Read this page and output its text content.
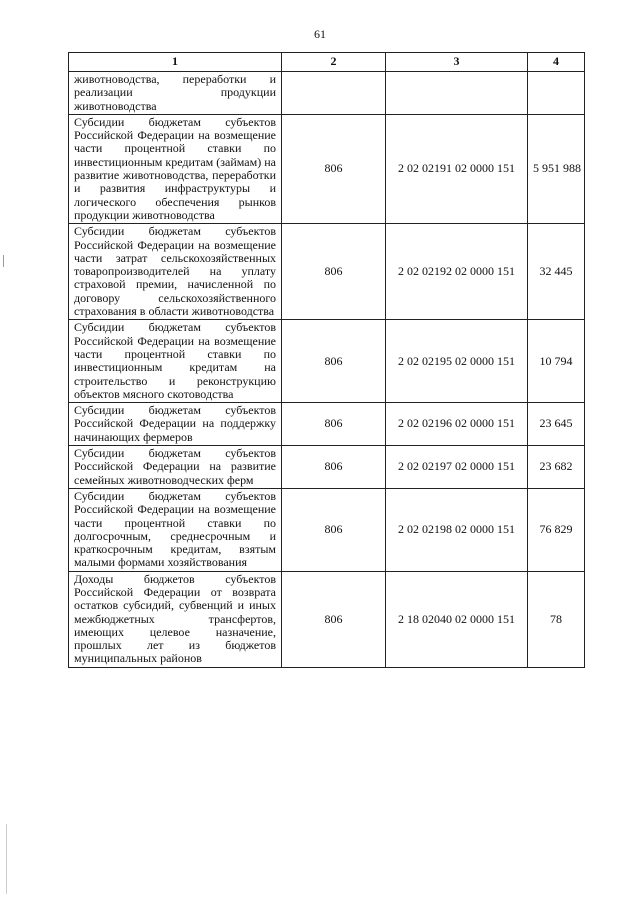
61
1	2	3	4
животноводства, переработки и реализации продукции животноводства			
Субсидии бюджетам субъектов Российской Федерации на возмещение части процентной ставки по инвестиционным кредитам (займам) на развитие животноводства, переработки и развития инфраструктуры и логического обеспечения рынков продукции животноводства	806	2 02 02191 02 0000 151	5 951 988
Субсидии бюджетам субъектов Российской Федерации на возмещение части затрат сельскохозяйственных товаропроизводителей на уплату страховой премии, начисленной по договору сельскохозяйственного страхования в области животноводства	806	2 02 02192 02 0000 151	32 445
Субсидии бюджетам субъектов Российской Федерации на возмещение части процентной ставки по инвестиционным кредитам на строительство и реконструкцию объектов мясного скотоводства	806	2 02 02195 02 0000 151	10 794
Субсидии бюджетам субъектов Российской Федерации на поддержку начинающих фермеров	806	2 02 02196 02 0000 151	23 645
Субсидии бюджетам субъектов Российской Федерации на развитие семейных животноводческих ферм	806	2 02 02197 02 0000 151	23 682
Субсидии бюджетам субъектов Российской Федерации на возмещение части процентной ставки по долгосрочным, среднесрочным и краткосрочным кредитам, взятым малыми формами хозяйствования	806	2 02 02198 02 0000 151	76 829
Доходы бюджетов субъектов Российской Федерации от возврата остатков субсидий, субвенций и иных межбюджетных трансфертов, имеющих целевое назначение, прошлых лет из бюджетов муниципальных районов	806	2 18 02040 02 0000 151	78
